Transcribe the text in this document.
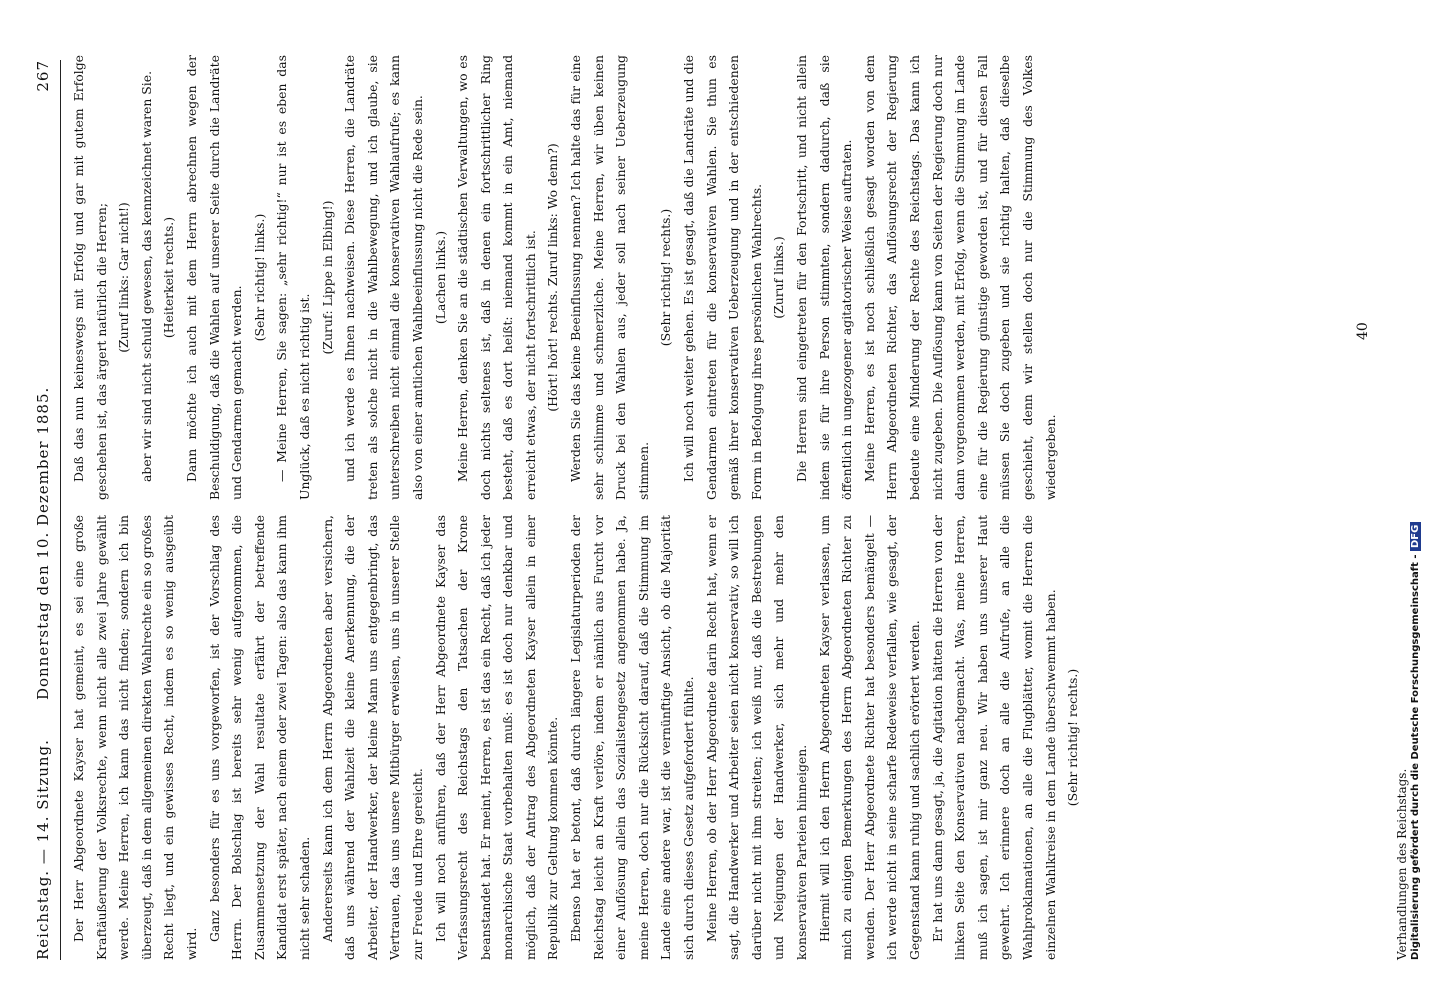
Reichstag. — 14. Sitzung.
Donnerstag den 10. Dezember 1885.
267

Der Herr Abgeordnete Kayser hat gemeint, es sei eine große Kraftäußerung der Volksrechte, wenn nicht alle zwei Jahre gewählt werde. Meine Herren, ich kann das nicht finden; sondern ich bin überzeugt, daß in dem allgemeinen direkten Wahlrechte ein so großes Recht liegt, und ein gewisses Recht, indem es so wenig ausgeübt wird.

Ganz besonders für es uns vorgeworfen, ist der Vorschlag des Herrn. Der Bolschlag ist bereits sehr wenig aufgenommen, die Zusammensetzung der Wahl resultate erfährt der betreffende Kandidat erst später, nach einem oder zwei Tagen: also das kann ihm nicht sehr schaden. Andererseits kann ich dem Herrn Abgeordneten aber versichern, daß uns während der Wahlzeit die kleine Anerkennung, die der Arbeiter, der Handwerker, der kleine Mann uns entgegenbringt, das Vertrauen, das uns unsere Mitbürger erweisen, uns in unserer Stelle zur Freude und Ehre gereicht. Ich will noch anführen, daß der Herr Abgeordnete Kayser das Verfassungsrecht des Reichstags den Tatsachen der Krone beanstandet hat. Er meint, Herren, es ist das ein Recht, daß ich jeder monarchische Staat vorbehalten muß: es ist doch nur denkbar und möglich, daß der Antrag des Abgeordneten Kayser allein in einer Republik zur Geltung kommen könnte. Ebenso hat er betont, daß durch längere Legislaturperioden der Reichstag leicht an Kraft verlöre, indem er nämlich aus Furcht vor einer Auflösung allein das Sozialistengesetz angenommen habe. Ja, meine Herren, doch nur die Rücksicht darauf, daß die Stimmung im Lande eine andere war, ist die vernünftige Ansicht, ob die Majorität sich durch dieses Gesetz aufgefordert fühlte. Meine Herren, ob der Herr Abgeordnete darin Recht hat, wenn er sagt, die Handwerker und Arbeiter seien nicht konservativ, so will ich darüber nicht mit ihm streiten; ich weiß nur, daß die Bestrebungen und Neigungen der Handwerker, sich mehr und mehr den konservativen Parteien hinneigen. Hiermit will ich den Herrn Abgeordneten Kayser verlassen, um mich zu einigen Bemerkungen des Herrn Abgeordneten Richter zu wenden. Der Herr Abgeordnete Richter hat besonders bemängelt — ich werde nicht in seine scharfe Redeweise verfallen, wie gesagt, der Gegenstand kann ruhig und sachlich erörtert werden. Er hat uns dann gesagt, ja, die Agitation hätten die Herren von der linken Seite den Konservativen nachgemacht. Was, meine Herren, muß ich sagen, ist mir ganz neu. Wir haben uns unserer Haut gewehrt. Ich erinnere doch an alle die Aufrufe, an alle die Wahlproklamationen, an alle die Flugblätter, womit die Herren die einzelnen Wahlkreise in dem Lande überschwemmt haben. (Sehr richtig! rechts.)

Daß das nun keineswegs mit Erfolg und gar mit gutem Erfolge geschehen ist, das ärgert natürlich die Herren; (Zuruf links: Gar nicht!) aber wir sind nicht schuld gewesen, das kennzeichnet waren Sie. (Heiterkeit rechts.) Dann möchte ich auch mit dem Herrn abrechnen wegen der Beschuldigung, daß die Wahlen auf unserer Seite durch die Landräte und Gendarmen gemacht werden.

(Sehr richtig! links.) — Meine Herren, Sie sagen: „sehr richtig!“ nur ist es eben das Unglück, daß es nicht richtig ist.

(Zuruf: Lippe in Elbing!) und ich werde es Ihnen nachweisen. Diese Herren, die Landräte treten als solche nicht in die Wahlbewegung, und ich glaube, sie unterschreiben nicht einmal die konservativen Wahlaufrufe; es kann also von einer amtlichen Wahlbeeinflussung nicht die Rede sein. (Lachen links.) Meine Herren, denken Sie an die städtischen Verwaltungen, wo es doch nichts seltenes ist, daß in denen ein fortschrittlicher Ring besteht, daß es dort heißt: niemand kommt in ein Amt, niemand erreicht etwas, der nicht fortschrittlich ist. (Hört! hört! rechts. Zuruf links: Wo denn?) Werden Sie das keine Beeinflussung nennen? Ich halte das für eine sehr schlimme und schmerzliche. Meine Herren, wir üben keinen Druck bei den Wahlen aus, jeder soll nach seiner Ueberzeugung stimmen.

(Sehr richtig! rechts.) Ich will noch weiter gehen. Es ist gesagt, daß die Landräte und die Gendarmen eintreten für die konservativen Wahlen. Sie thun es gemäß ihrer konservativen Ueberzeugung und in der entschiedenen Form in Befolgung ihres persönlichen Wahlrechts. (Zuruf links.) Die Herren sind eingetreten für den Fortschritt, und nicht allein indem sie für ihre Person stimmten, sondern dadurch, daß sie öffentlich in ungezogener agitatorischer Weise auftraten. Meine Herren, es ist noch schließlich gesagt worden von dem Herrn Abgeordneten Richter, das Auflösungsrecht der Regierung bedeute eine Minderung der Rechte des Reichstags. Das kann ich nicht zugeben. Die Auflösung kann von Seiten der Regierung doch nur dann vorgenommen werden, mit Erfolg, wenn die Stimmung im Lande eine für die Regierung günstige geworden ist, und für diesen Fall müssen Sie doch zugeben und sie richtig halten, daß dieselbe geschieht, denn wir stellen doch nur die Stimmung des Volkes wiedergeben.

Verhandlungen des Reichstags.
40
Digitalisierung gefördert durch die Deutsche Forschungsgemeinschaft - DFG
